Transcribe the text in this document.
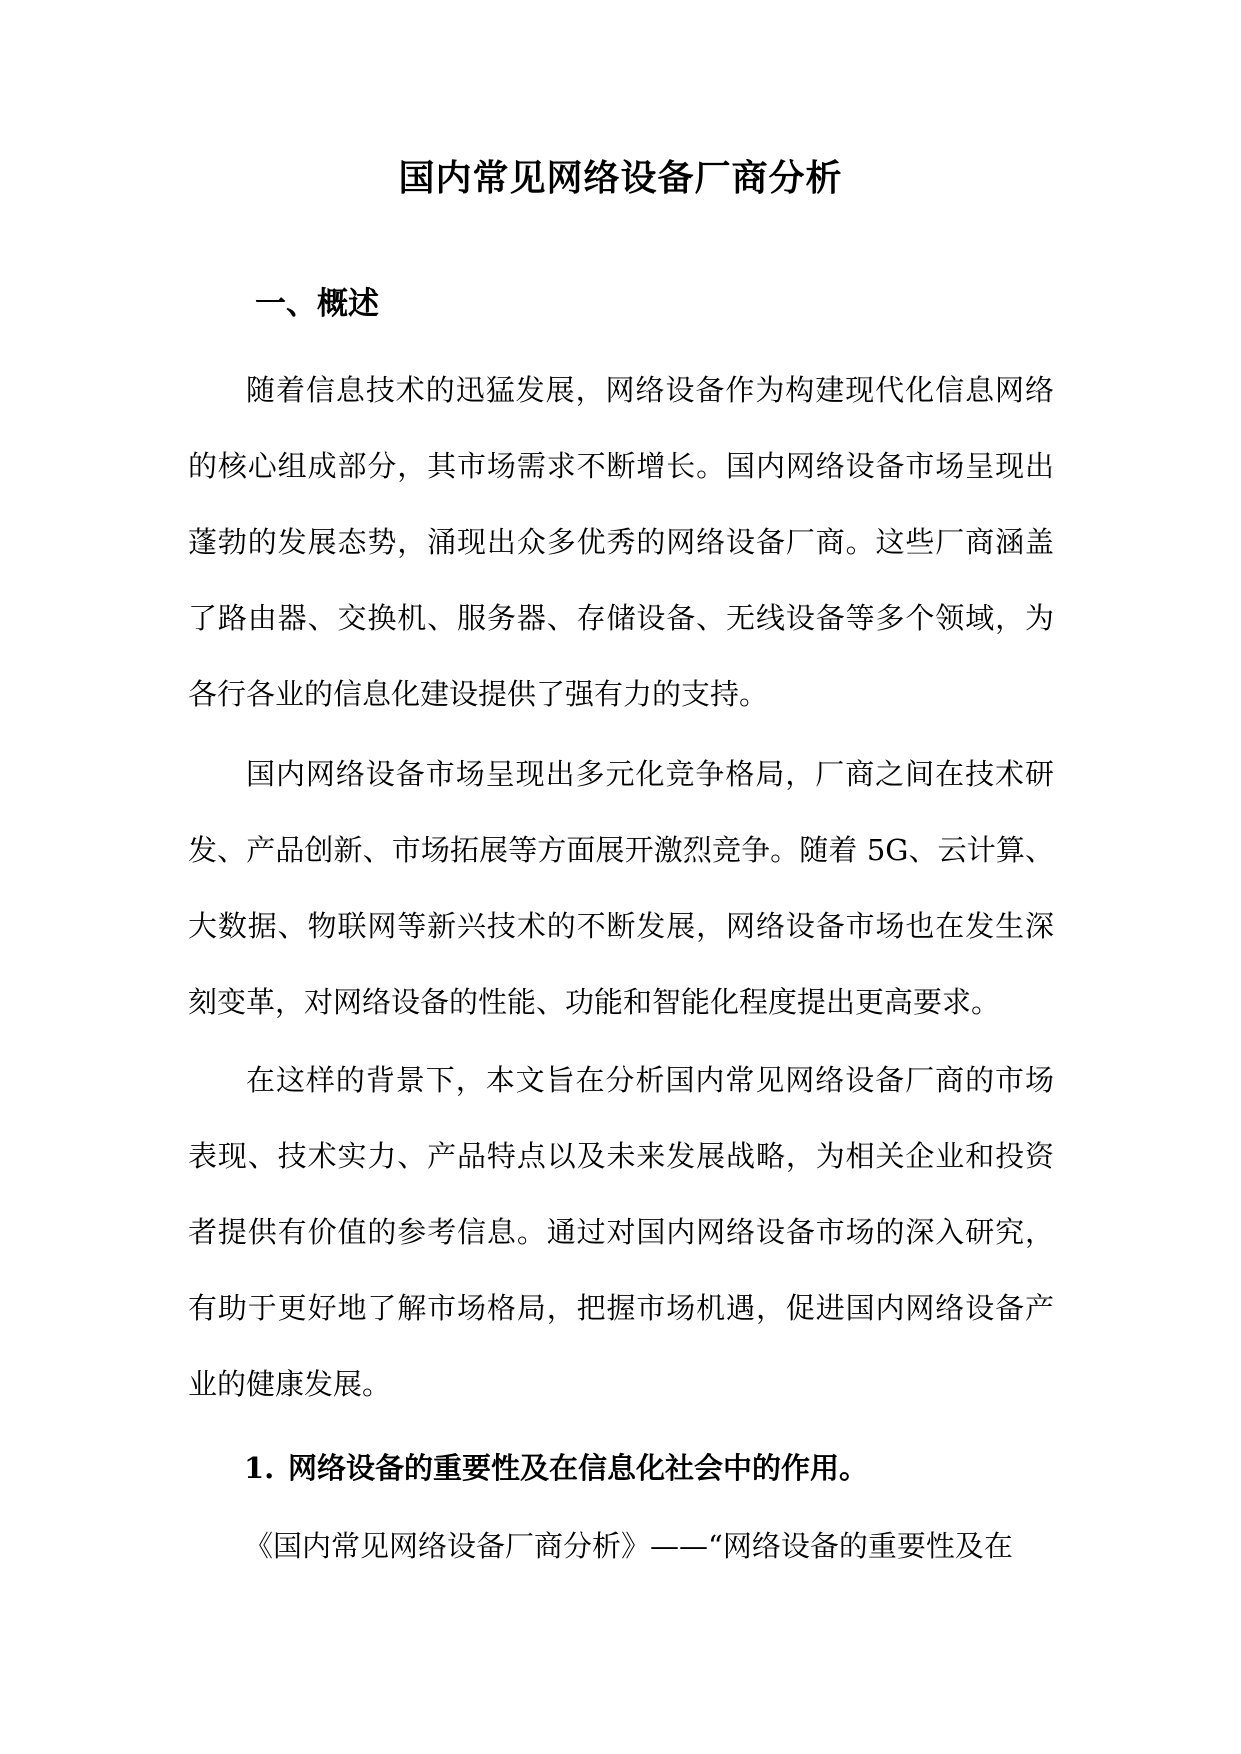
国内常见网络设备厂商分析
一、概述

随着信息技术的迅猛发展，网络设备作为构建现代化信息网络的核心组成部分，其市场需求不断增长。国内网络设备市场呈现出蓬勃的发展态势，涌现出众多优秀的网络设备厂商。这些厂商涵盖了路由器、交换机、服务器、存储设备、无线设备等多个领域，为各行各业的信息化建设提供了强有力的支持。

国内网络设备市场呈现出多元化竞争格局，厂商之间在技术研发、产品创新、市场拓展等方面展开激烈竞争。随着 5G、云计算、大数据、物联网等新兴技术的不断发展，网络设备市场也在发生深刻变革，对网络设备的性能、功能和智能化程度提出更高要求。

在这样的背景下，本文旨在分析国内常见网络设备厂商的市场表现、技术实力、产品特点以及未来发展战略，为相关企业和投资者提供有价值的参考信息。通过对国内网络设备市场的深入研究，有助于更好地了解市场格局，把握市场机遇，促进国内网络设备产业的健康发展。

1. 网络设备的重要性及在信息化社会中的作用。

《国内常见网络设备厂商分析》——“网络设备的重要性及在
